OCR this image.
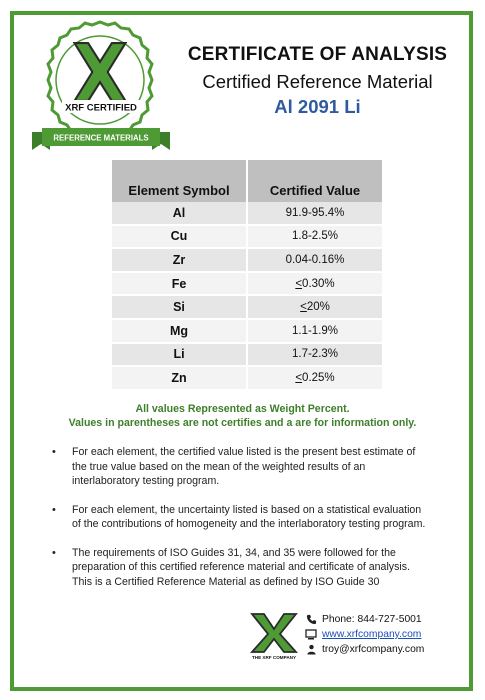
XRF CERTIFIED
REFERENCE MATERIALS
CERTIFICATE OF ANALYSIS
Certified Reference Material
Al 2091 Li
Element Symbol	Certified Value
Al	91.9-95.4%
Cu	1.8-2.5%
Zr	0.04-0.16%
Fe	<0.30%
Si	<20%
Mg	1.1-1.9%
Li	1.7-2.3%
Zn	<0.25%
All values Represented as Weight Percent.
Values in parentheses are not certifies and a are for information only.
• For each element, the certified value listed is the present best estimate of the true value based on the mean of the weighted results of an interlaboratory testing program.
• For each element, the uncertainty listed is based on a statistical evaluation of the contributions of homogeneity and the interlaboratory testing program.
• The requirements of ISO Guides 31, 34, and 35 were followed for the preparation of this certified reference material and certificate of analysis. This is a Certified Reference Material as defined by ISO Guide 30
THE XRF COMPANY
Phone: 844-727-5001
www.xrfcompany.com
troy@xrfcompany.com
